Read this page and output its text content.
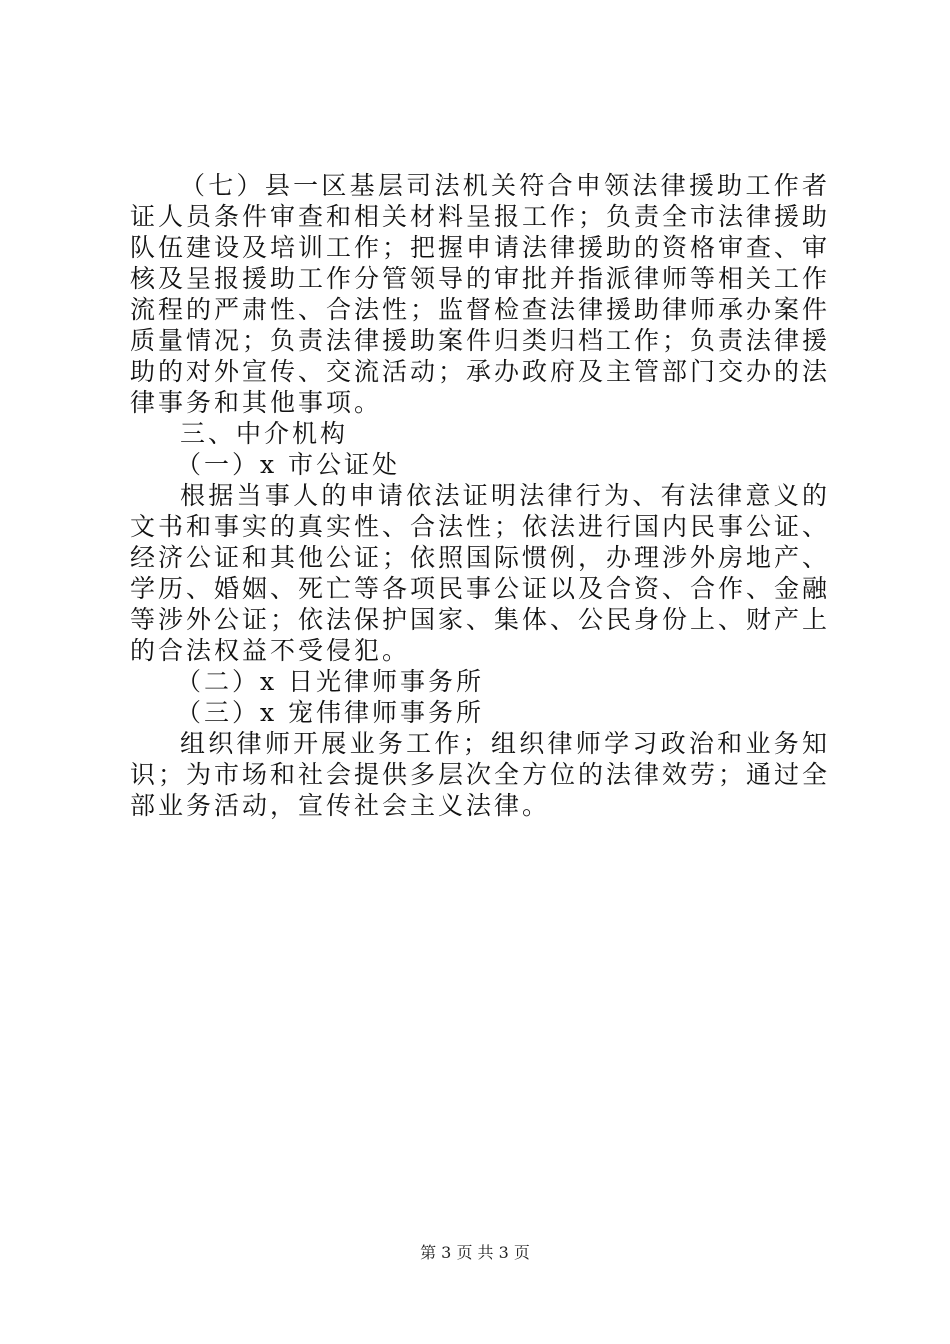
（七）县一区基层司法机关符合申领法律援助工作者证人员条件审查和相关材料呈报工作；负责全市法律援助队伍建设及培训工作；把握申请法律援助的资格审查、审核及呈报援助工作分管领导的审批并指派律师等相关工作流程的严肃性、合法性；监督检查法律援助律师承办案件质量情况；负责法律援助案件归类归档工作；负责法律援助的对外宣传、交流活动；承办政府及主管部门交办的法律事务和其他事项。

三、中介机构

（一）x 市公证处

根据当事人的申请依法证明法律行为、有法律意义的文书和事实的真实性、合法性；依法进行国内民事公证、经济公证和其他公证；依照国际惯例，办理涉外房地产、学历、婚姻、死亡等各项民事公证以及合资、合作、金融等涉外公证；依法保护国家、集体、公民身份上、财产上的合法权益不受侵犯。

（二）x 日光律师事务所

（三）x 宠伟律师事务所

组织律师开展业务工作；组织律师学习政治和业务知识；为市场和社会提供多层次全方位的法律效劳；通过全部业务活动，宣传社会主义法律。

第 3 页 共 3 页
